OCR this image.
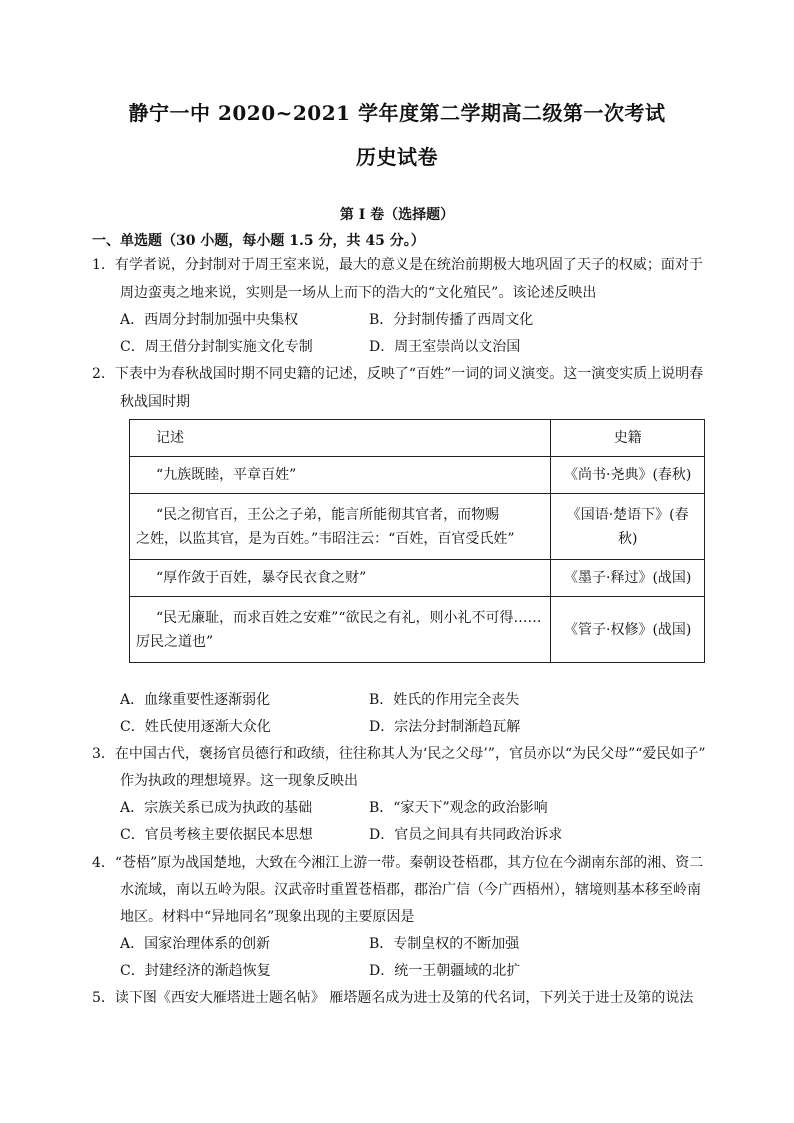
静宁一中 2020~2021 学年度第二学期高二级第一次考试
历史试卷
第 I 卷（选择题）
一、单选题（30 小题，每小题 1.5 分，共 45 分。）
1．有学者说，分封制对于周王室来说，最大的意义是在统治前期极大地巩固了天子的权威；面对于
周边蛮夷之地来说，实则是一场从上而下的浩大的“文化殖民”。该论述反映出
A．西周分封制加强中央集权	B．分封制传播了西周文化
C．周王借分封制实施文化专制	D．周王室崇尚以文治国
2．下表中为春秋战国时期不同史籍的记述，反映了“百姓”一词的词义演变。这一演变实质上说明春
秋战国时期
记述	史籍
“九族既睦，平章百姓”	《尚书·尧典》(春秋)

“民之彻官百，王公之子弟，能言所能彻其官者，而物赐
之姓，以监其官，是为百姓。”韦昭注云：“百姓，百官受氏姓”	《国语·楚语下》(春秋)
“厚作敛于百姓，暴夺民衣食之财”	《墨子·释过》(战国)

“民无廉耻，而求百姓之安难”“欲民之有礼，则小礼不可得……
厉民之道也”	《管子·权修》(战国)
A．血缘重要性逐渐弱化	B．姓氏的作用完全丧失
C．姓氏使用逐渐大众化	D．宗法分封制渐趋瓦解
3．在中国古代，褒扬官员德行和政绩，往往称其人为‘民之父母’”，官员亦以“为民父母”“爱民如子”
作为执政的理想境界。这一现象反映出
A．宗族关系已成为执政的基础	B．“家天下”观念的政治影响
C．官员考核主要依据民本思想	D．官员之间具有共同政治诉求
4．“苍梧”原为战国楚地，大致在今湘江上游一带。秦朝设苍梧郡，其方位在今湖南东部的湘、资二
水流域，南以五岭为限。汉武帝时重置苍梧郡，郡治广信（今广西梧州），辖境则基本移至岭南
地区。材料中“异地同名”现象出现的主要原因是
A．国家治理体系的创新	B．专制皇权的不断加强
C．封建经济的渐趋恢复	D．统一王朝疆域的北扩
5．读下图《西安大雁塔进士题名帖》 雁塔题名成为进士及第的代名词，下列关于进士及第的说法
